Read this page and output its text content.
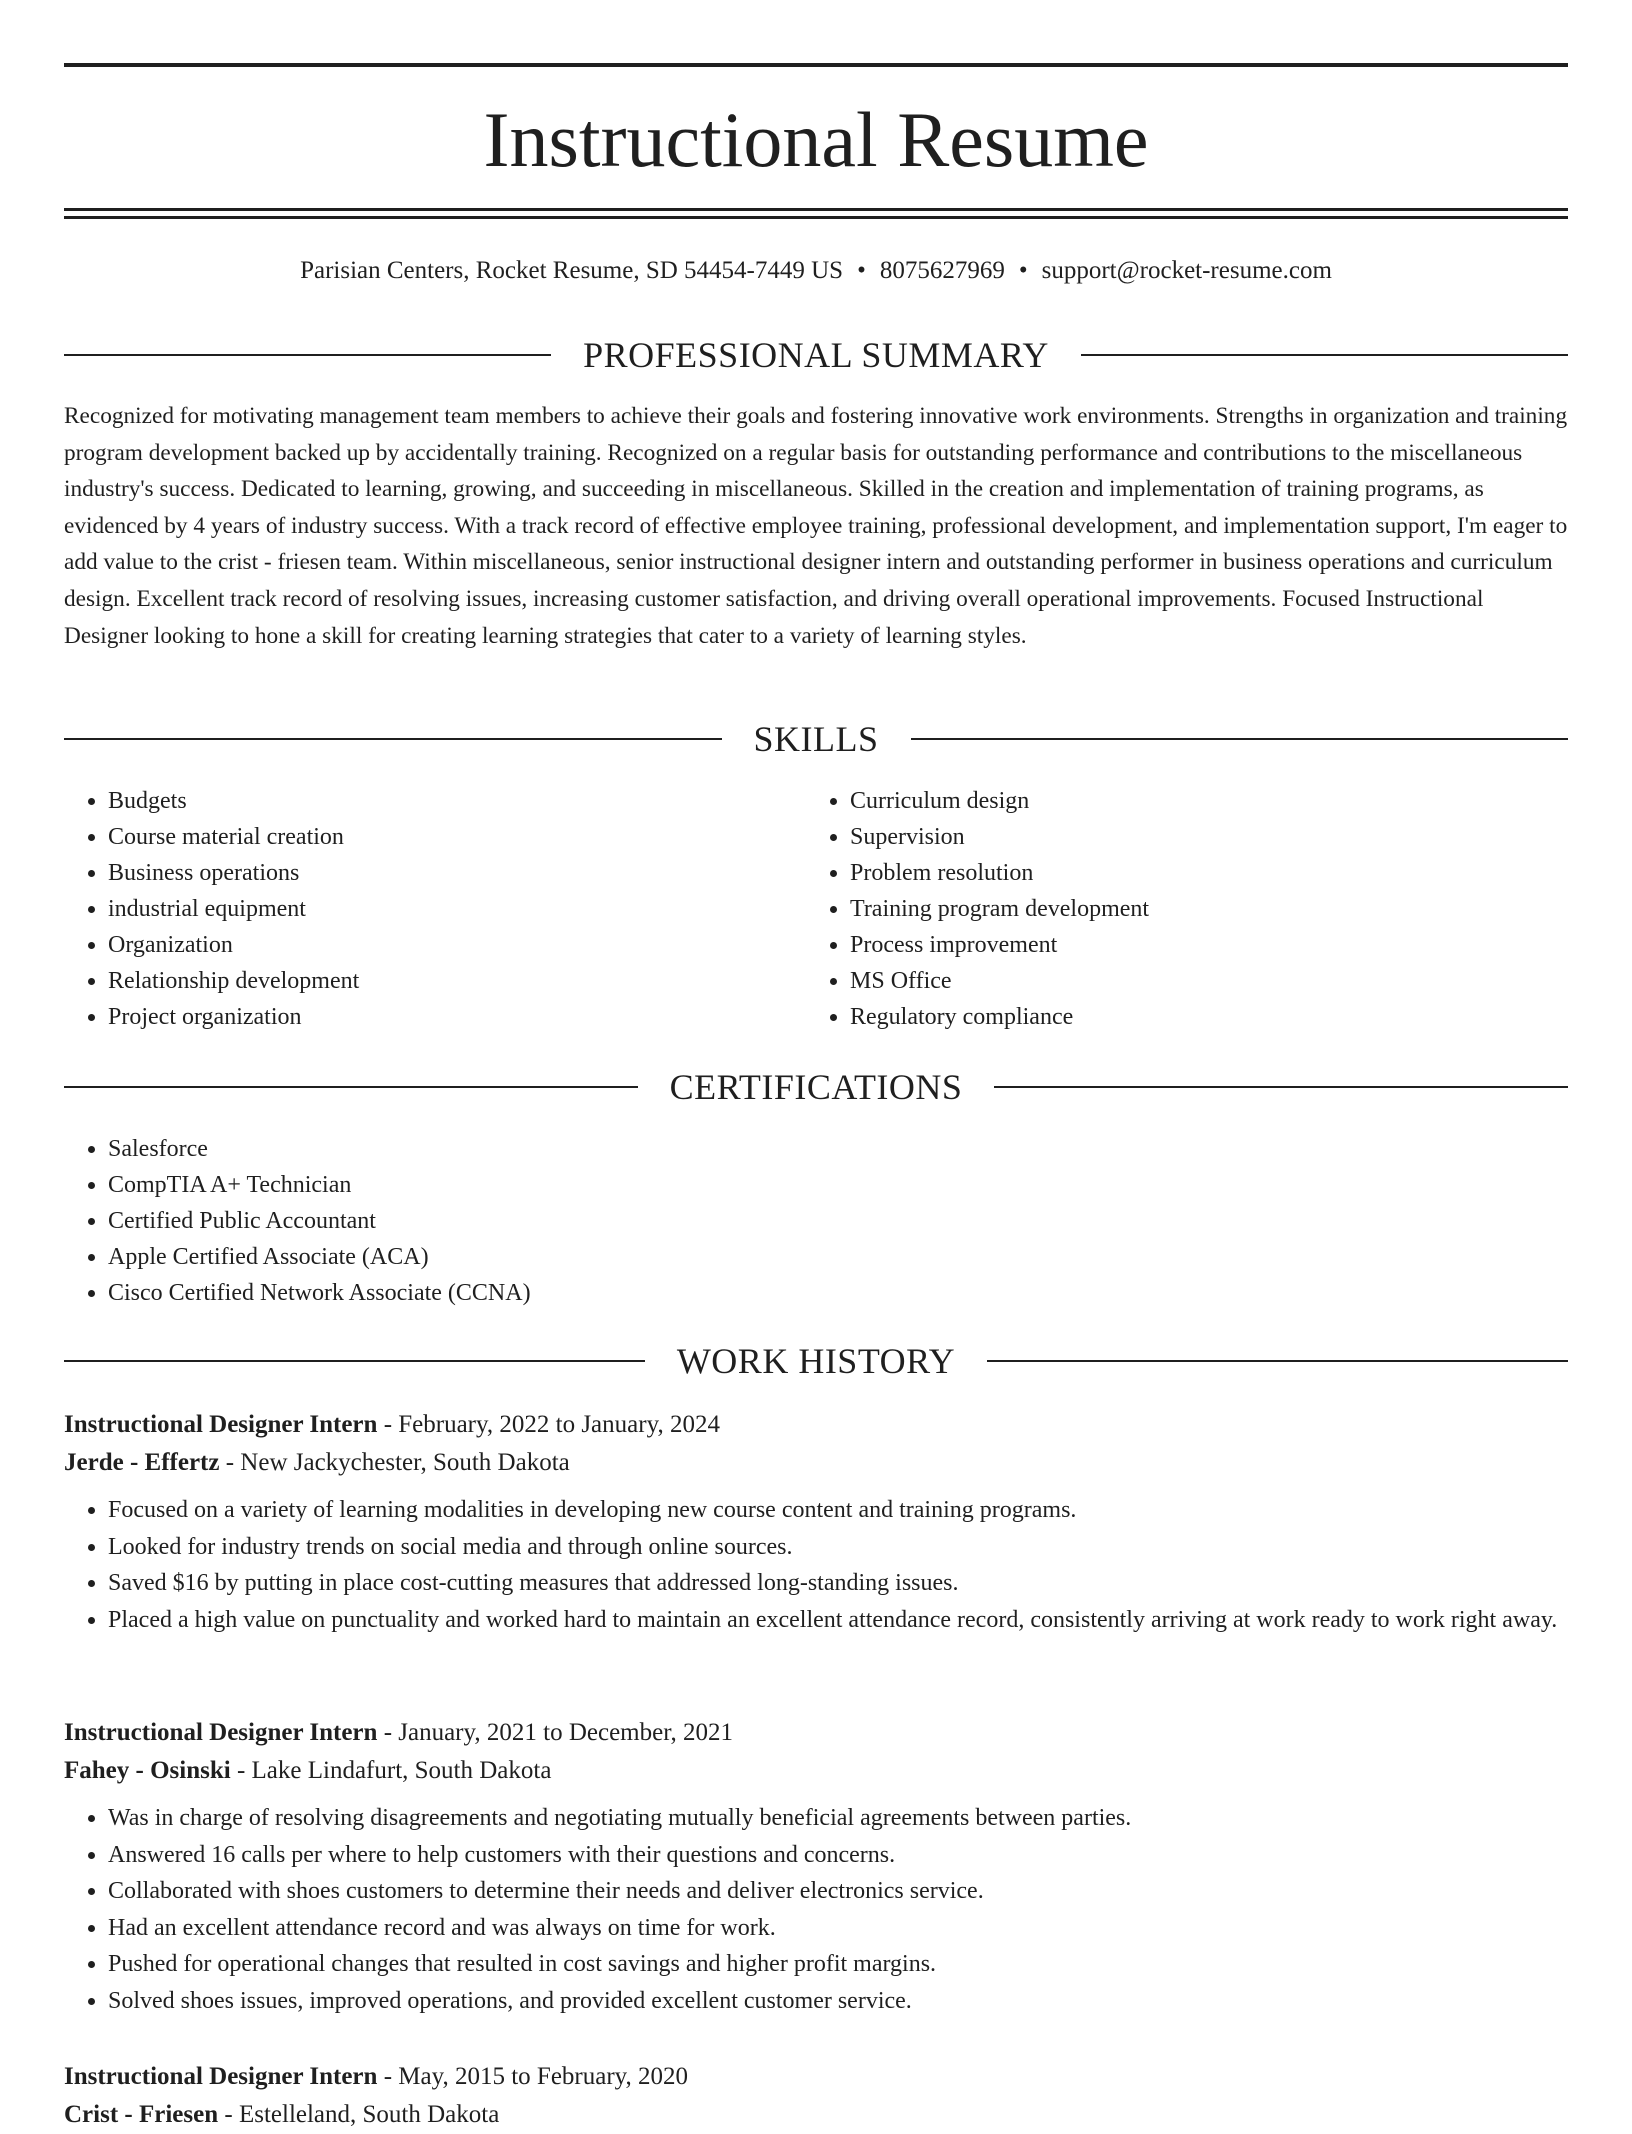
Instructional Resume
Parisian Centers, Rocket Resume, SD 54454-7449 US • 8075627969 • support@rocket-resume.com
PROFESSIONAL SUMMARY

Recognized for motivating management team members to achieve their goals and fostering innovative work environments. Strengths in organization and training program development backed up by accidentally training. Recognized on a regular basis for outstanding performance and contributions to the miscellaneous industry's success. Dedicated to learning, growing, and succeeding in miscellaneous. Skilled in the creation and implementation of training programs, as evidenced by 4 years of industry success. With a track record of effective employee training, professional development, and implementation support, I'm eager to add value to the crist - friesen team. Within miscellaneous, senior instructional designer intern and outstanding performer in business operations and curriculum design. Excellent track record of resolving issues, increasing customer satisfaction, and driving overall operational improvements. Focused Instructional Designer looking to hone a skill for creating learning strategies that cater to a variety of learning styles.

SKILLS
• Budgets
• Course material creation
• Business operations
• industrial equipment
• Organization
• Relationship development
• Project organization
• Curriculum design
• Supervision
• Problem resolution
• Training program development
• Process improvement
• MS Office
• Regulatory compliance
CERTIFICATIONS
• Salesforce
• CompTIA A+ Technician
• Certified Public Accountant
• Apple Certified Associate (ACA)
• Cisco Certified Network Associate (CCNA)
WORK HISTORY

Instructional Designer Intern - February, 2022 to January, 2024

Jerde - Effertz - New Jackychester, South Dakota

• Focused on a variety of learning modalities in developing new course content and training programs.
• Looked for industry trends on social media and through online sources.
• Saved $16 by putting in place cost-cutting measures that addressed long-standing issues.
• Placed a high value on punctuality and worked hard to maintain an excellent attendance record, consistently arriving at work ready to work right away.

Instructional Designer Intern - January, 2021 to December, 2021

Fahey - Osinski - Lake Lindafurt, South Dakota

• Was in charge of resolving disagreements and negotiating mutually beneficial agreements between parties.
• Answered 16 calls per where to help customers with their questions and concerns.
• Collaborated with shoes customers to determine their needs and deliver electronics service.
• Had an excellent attendance record and was always on time for work.
• Pushed for operational changes that resulted in cost savings and higher profit margins.
• Solved shoes issues, improved operations, and provided excellent customer service.

Instructional Designer Intern - May, 2015 to February, 2020

Crist - Friesen - Estelleland, South Dakota
